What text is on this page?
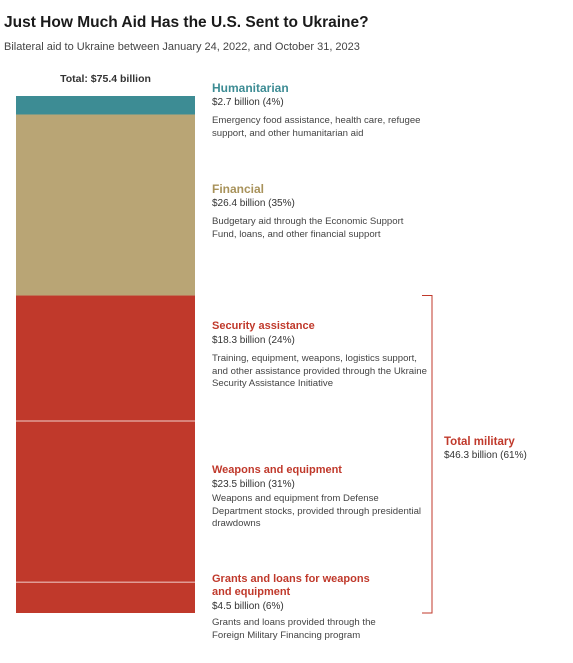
Just How Much Aid Has the U.S. Sent to Ukraine?
Bilateral aid to Ukraine between January 24, 2022, and October 31, 2023
Total: $75.4 billion
Humanitarian
$2.7 billion (4%)
Emergency food assistance, health care, refugee support, and other humanitarian aid
Financial
$26.4 billion (35%)
Budgetary aid through the Economic Support Fund, loans, and other financial support
Security assistance
$18.3 billion (24%)
Training, equipment, weapons, logistics support, and other assistance provided through the Ukraine Security Assistance Initiative
Weapons and equipment
$23.5 billion (31%)
Weapons and equipment from Defense Department stocks, provided through presidential drawdowns
Grants and loans for weapons and equipment
$4.5 billion (6%)
Grants and loans provided through the Foreign Military Financing program
Total military
$46.3 billion (61%)
